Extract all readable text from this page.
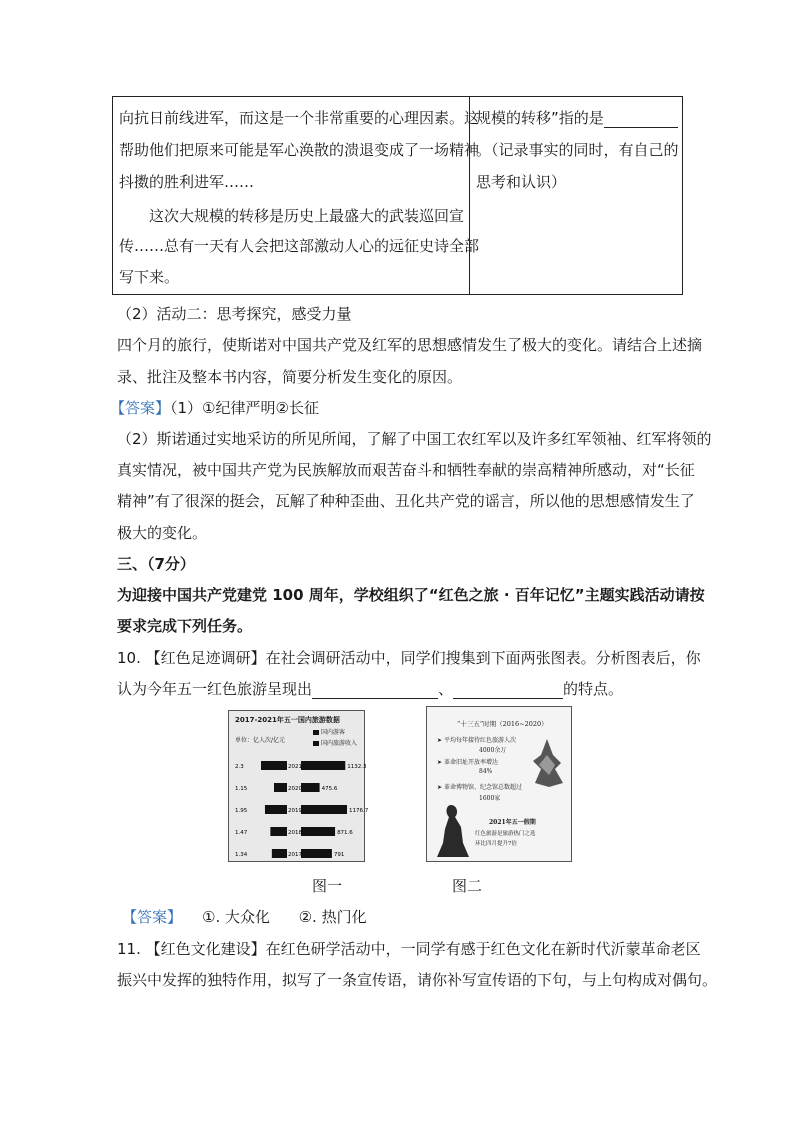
向抗日前线进军，而这是一个非常重要的心理因素。这
帮助他们把原来可能是军心涣散的溃退变成了一场精神
抖擞的胜利进军……
这次大规模的转移是历史上最盛大的武装巡回宣
传……总有一天有人会把这部激动人心的远征史诗全部
写下来。

规模的转移”指的是
。（记录事实的同时，有自己的
思考和认识）
（2）活动二：思考探究，感受力量
四个月的旅行，使斯诺对中国共产党及红军的思想感情发生了极大的变化。请结合上述摘
录、批注及整本书内容，简要分析发生变化的原因。
【答案】（1）①纪律严明②长征
（2）斯诺通过实地采访的所见所闻，了解了中国工农红军以及许多红军领袖、红军将领的
真实情况，被中国共产党为民族解放而艰苦奋斗和牺牲奉献的崇高精神所感动，对“长征
精神”有了很深的挺会，瓦解了种种歪曲、丑化共产党的谣言，所以他的思想感情发生了
极大的变化。
三、（7分）
为迎接中国共产党建党 100 周年，学校组织了“红色之旅 · 百年记忆”主题实践活动请按
要求完成下列任务。
10. 【红色足迹调研】在社会调研活动中，同学们搜集到下面两张图表。分析图表后，你
认为今年五一红色旅游呈现出	、	的特点。
2017-2021年五一国内旅游数据
国内游客
国内旅游收入
单位：亿人次/亿元
2021
2.3	1132.3
2020
1.15	475.6
2019
1.95	1176.7
2018
1.47	871.6
2017
1.34	791
图一
“十三五”时期（2016~2020）
➤ 平均每年接待红色旅游人次
4000余万
➤ 革命旧址开放率增达
84%
➤ 革命博物馆、纪念馆总数超过
1600家
2021年五一假期
红色旅游是旅游热门之选
环比四月提升7倍
图二
【答案】 ①. 大众化      ②. 热门化
11. 【红色文化建设】在红色研学活动中，一同学有感于红色文化在新时代沂蒙革命老区
振兴中发挥的独特作用，拟写了一条宣传语，请你补写宣传语的下句，与上句构成对偶句。
